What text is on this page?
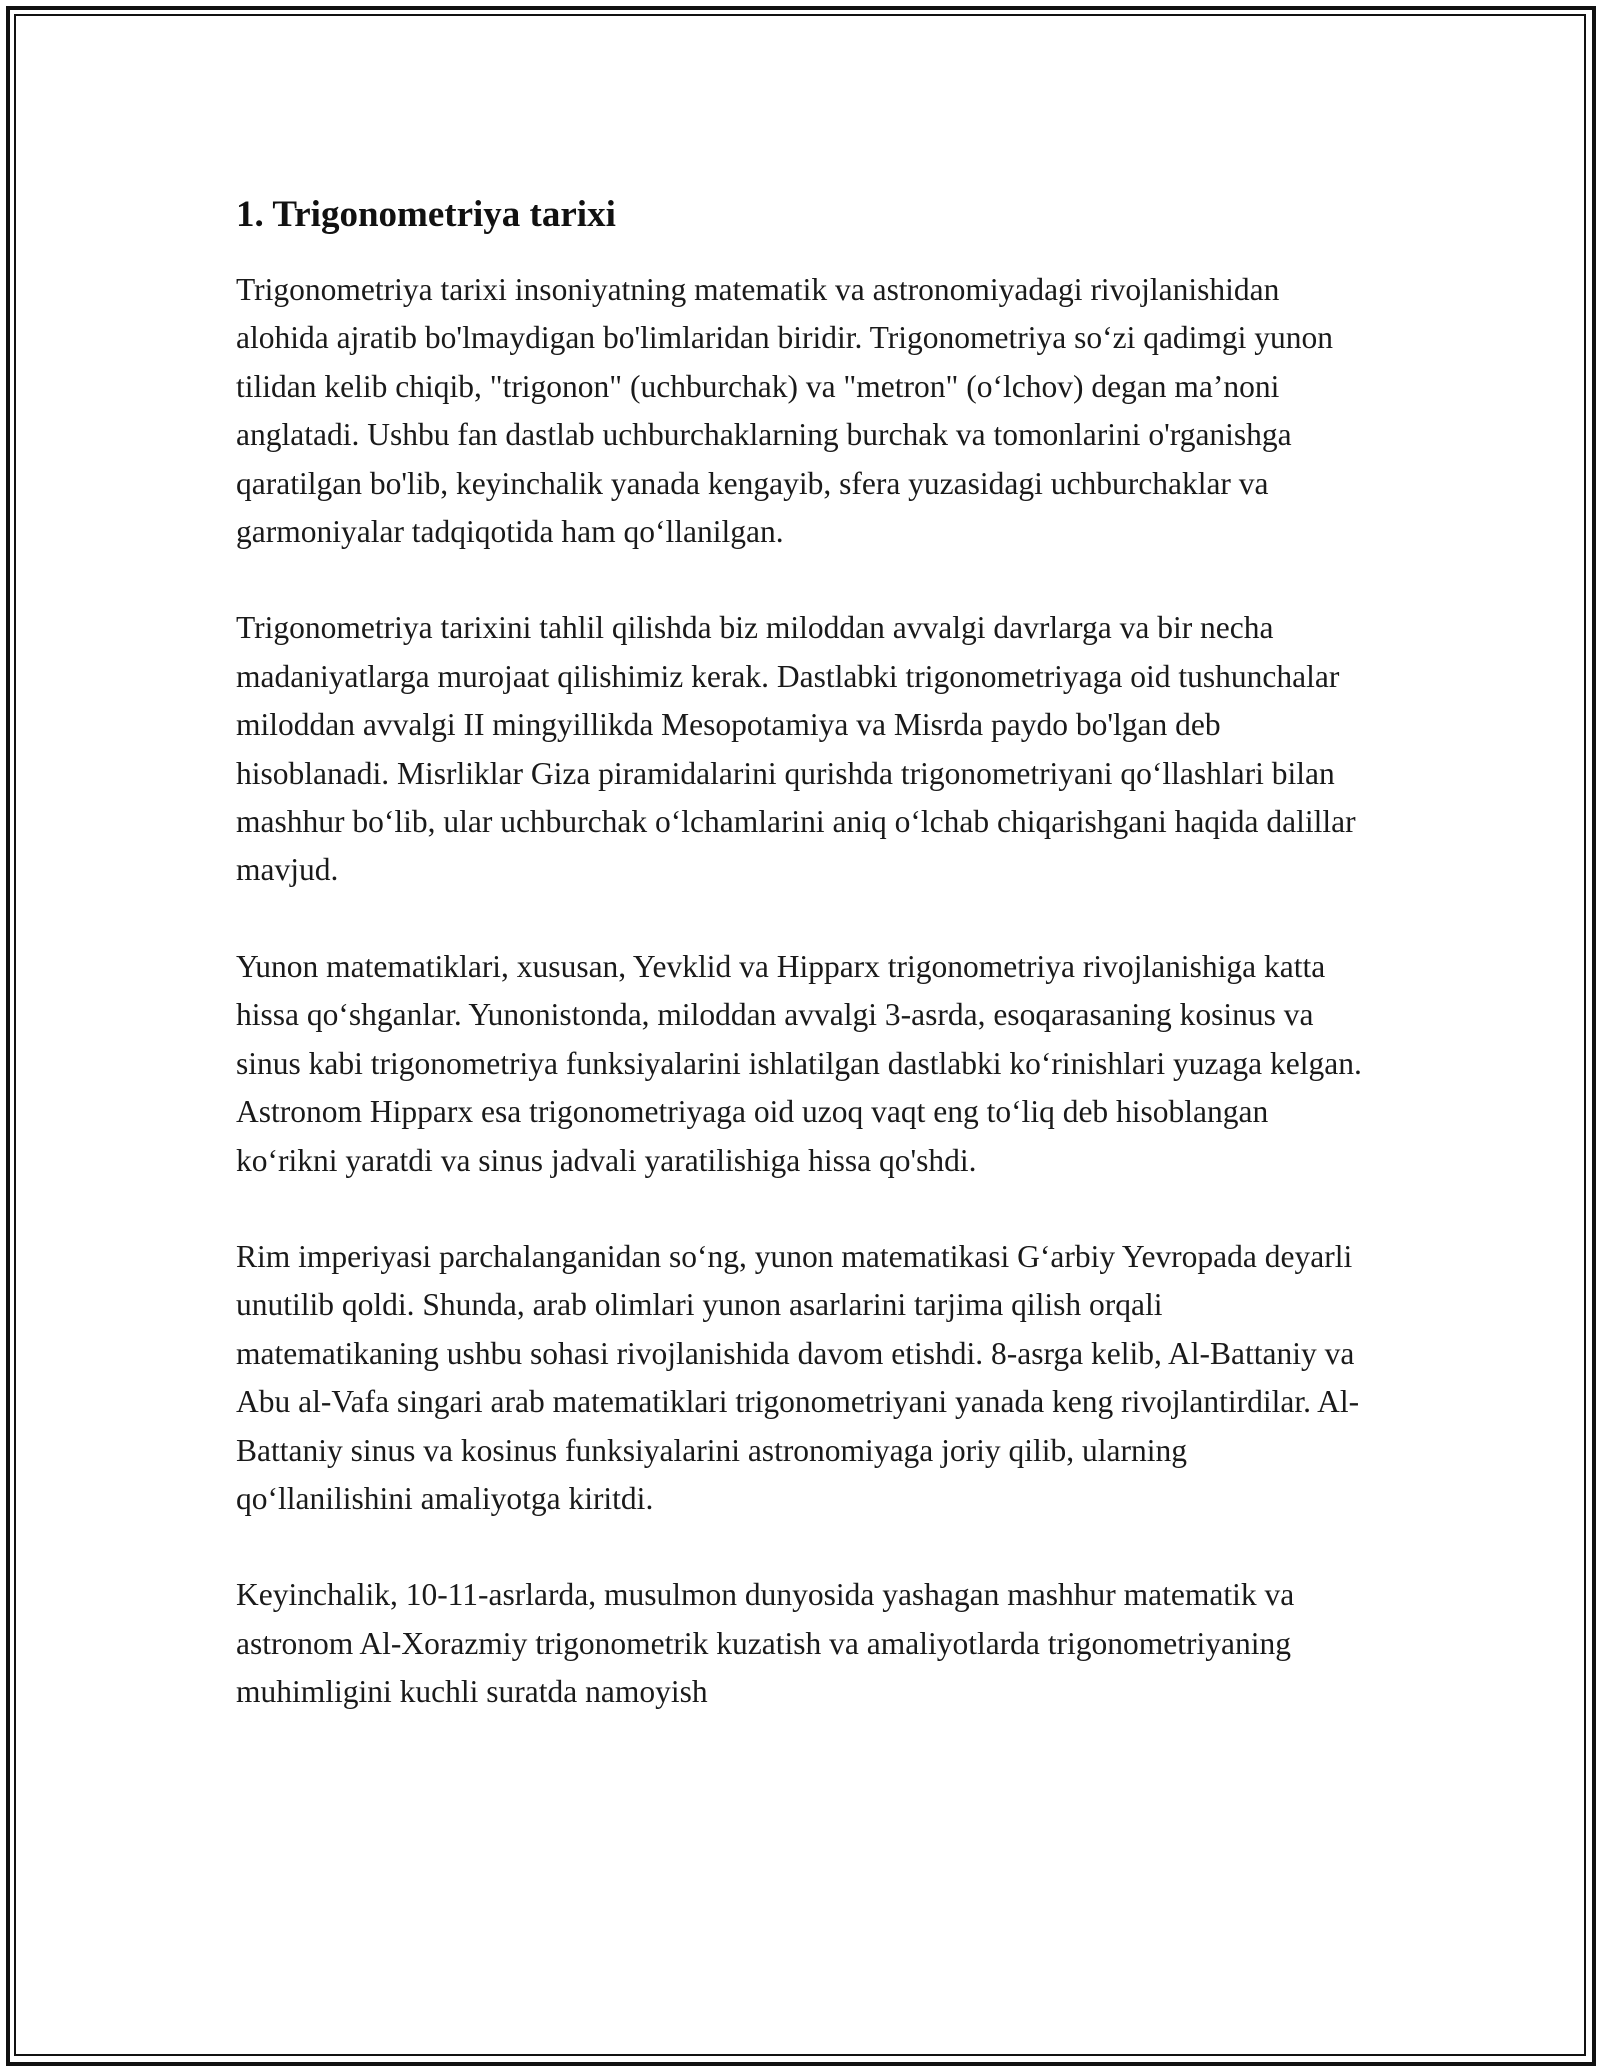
1. Trigonometriya tarixi

Trigonometriya tarixi insoniyatning matematik va astronomiyadagi rivojlanishidan alohida ajratib bo'lmaydigan bo'limlaridan biridir. Trigonometriya so‘zi qadimgi yunon tilidan kelib chiqib, "trigonon" (uchburchak) va "metron" (o‘lchov) degan ma’noni anglatadi. Ushbu fan dastlab uchburchaklarning burchak va tomonlarini o'rganishga qaratilgan bo'lib, keyinchalik yanada kengayib, sfera yuzasidagi uchburchaklar va garmoniyalar tadqiqotida ham qo‘llanilgan.

Trigonometriya tarixini tahlil qilishda biz miloddan avvalgi davrlarga va bir necha madaniyatlarga murojaat qilishimiz kerak. Dastlabki trigonometriyaga oid tushunchalar miloddan avvalgi II mingyillikda Mesopotamiya va Misrda paydo bo'lgan deb hisoblanadi. Misrliklar Giza piramidalarini qurishda trigonometriyani qo‘llashlari bilan mashhur bo‘lib, ular uchburchak o‘lchamlarini aniq o‘lchab chiqarishgani haqida dalillar mavjud.

Yunon matematiklari, xususan, Yevklid va Hipparx trigonometriya rivojlanishiga katta hissa qo‘shganlar. Yunonistonda, miloddan avvalgi 3-asrda, esoqarasaning kosinus va sinus kabi trigonometriya funksiyalarini ishlatilgan dastlabki ko‘rinishlari yuzaga kelgan. Astronom Hipparx esa trigonometriyaga oid uzoq vaqt eng to‘liq deb hisoblangan ko‘rikni yaratdi va sinus jadvali yaratilishiga hissa qo'shdi.

Rim imperiyasi parchalanganidan so‘ng, yunon matematikasi G‘arbiy Yevropada deyarli unutilib qoldi. Shunda, arab olimlari yunon asarlarini tarjima qilish orqali matematikaning ushbu sohasi rivojlanishida davom etishdi. 8-asrga kelib, Al-Battaniy va Abu al-Vafa singari arab matematiklari trigonometriyani yanada keng rivojlantirdilar. Al-Battaniy sinus va kosinus funksiyalarini astronomiyaga joriy qilib, ularning qo‘llanilishini amaliyotga kiritdi.

Keyinchalik, 10-11-asrlarda, musulmon dunyosida yashagan mashhur matematik va astronom Al-Xorazmiy trigonometrik kuzatish va amaliyotlarda trigonometriyaning muhimligini kuchli suratda namoyish
